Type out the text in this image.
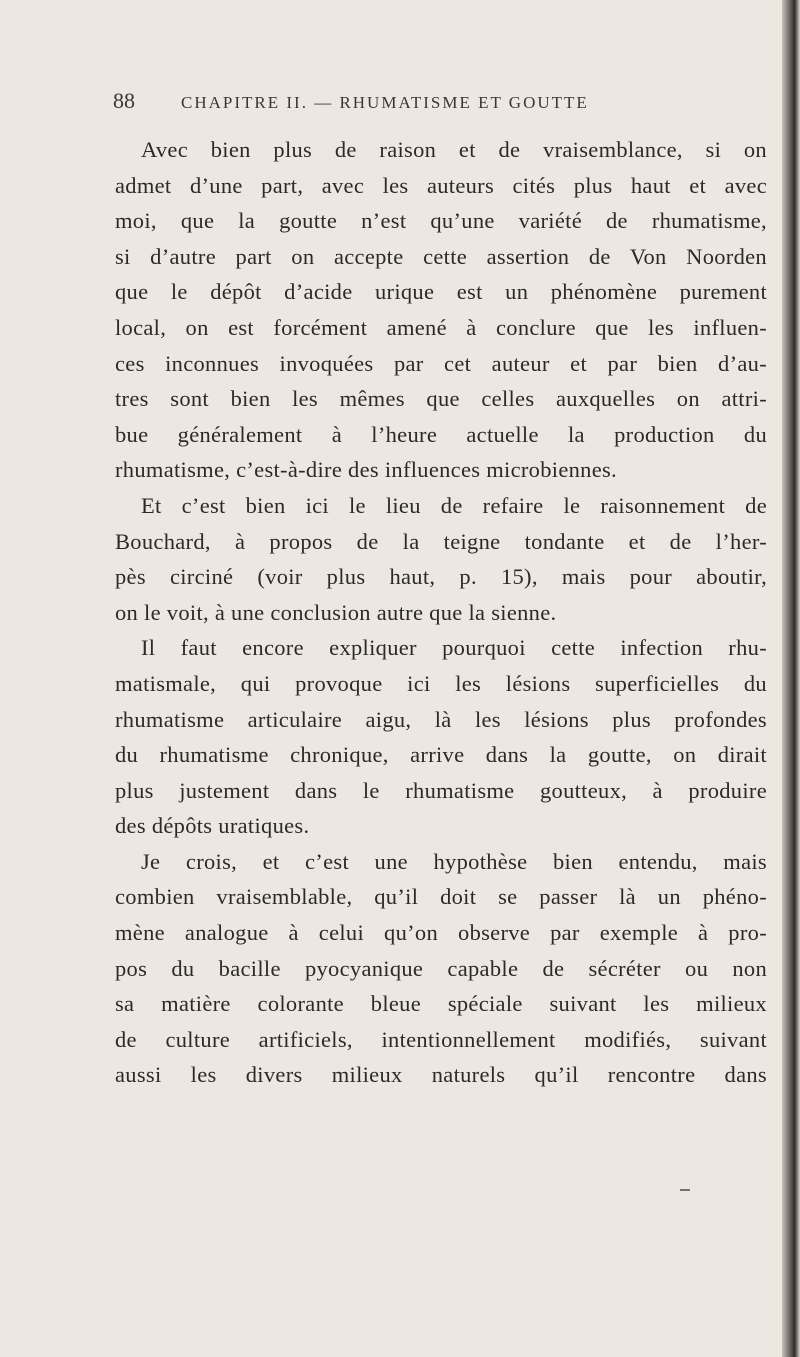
88	CHAPITRE II. — RHUMATISME ET GOUTTE
Avec bien plus de raison et de vraisemblance, si on
admet d’une part, avec les auteurs cités plus haut et avec
moi, que la goutte n’est qu’une variété de rhumatisme,
si d’autre part on accepte cette assertion de Von Noorden
que le dépôt d’acide urique est un phénomène purement
local, on est forcément amené à conclure que les influen-
ces inconnues invoquées par cet auteur et par bien d’au-
tres sont bien les mêmes que celles auxquelles on attri-
bue généralement à l’heure actuelle la production du
rhumatisme, c’est-à-dire des influences microbiennes.
Et c’est bien ici le lieu de refaire le raisonnement de
Bouchard, à propos de la teigne tondante et de l’her-
pès circiné (voir plus haut, p. 15), mais pour aboutir,
on le voit, à une conclusion autre que la sienne.
Il faut encore expliquer pourquoi cette infection rhu-
matismale, qui provoque ici les lésions superficielles du
rhumatisme articulaire aigu, là les lésions plus profondes
du rhumatisme chronique, arrive dans la goutte, on dirait
plus justement dans le rhumatisme goutteux, à produire
des dépôts uratiques.
Je crois, et c’est une hypothèse bien entendu, mais
combien vraisemblable, qu’il doit se passer là un phéno-
mène analogue à celui qu’on observe par exemple à pro-
pos du bacille pyocyanique capable de sécréter ou non
sa matière colorante bleue spéciale suivant les milieux
de culture artificiels, intentionnellement modifiés, suivant
aussi les divers milieux naturels qu’il rencontre dans
